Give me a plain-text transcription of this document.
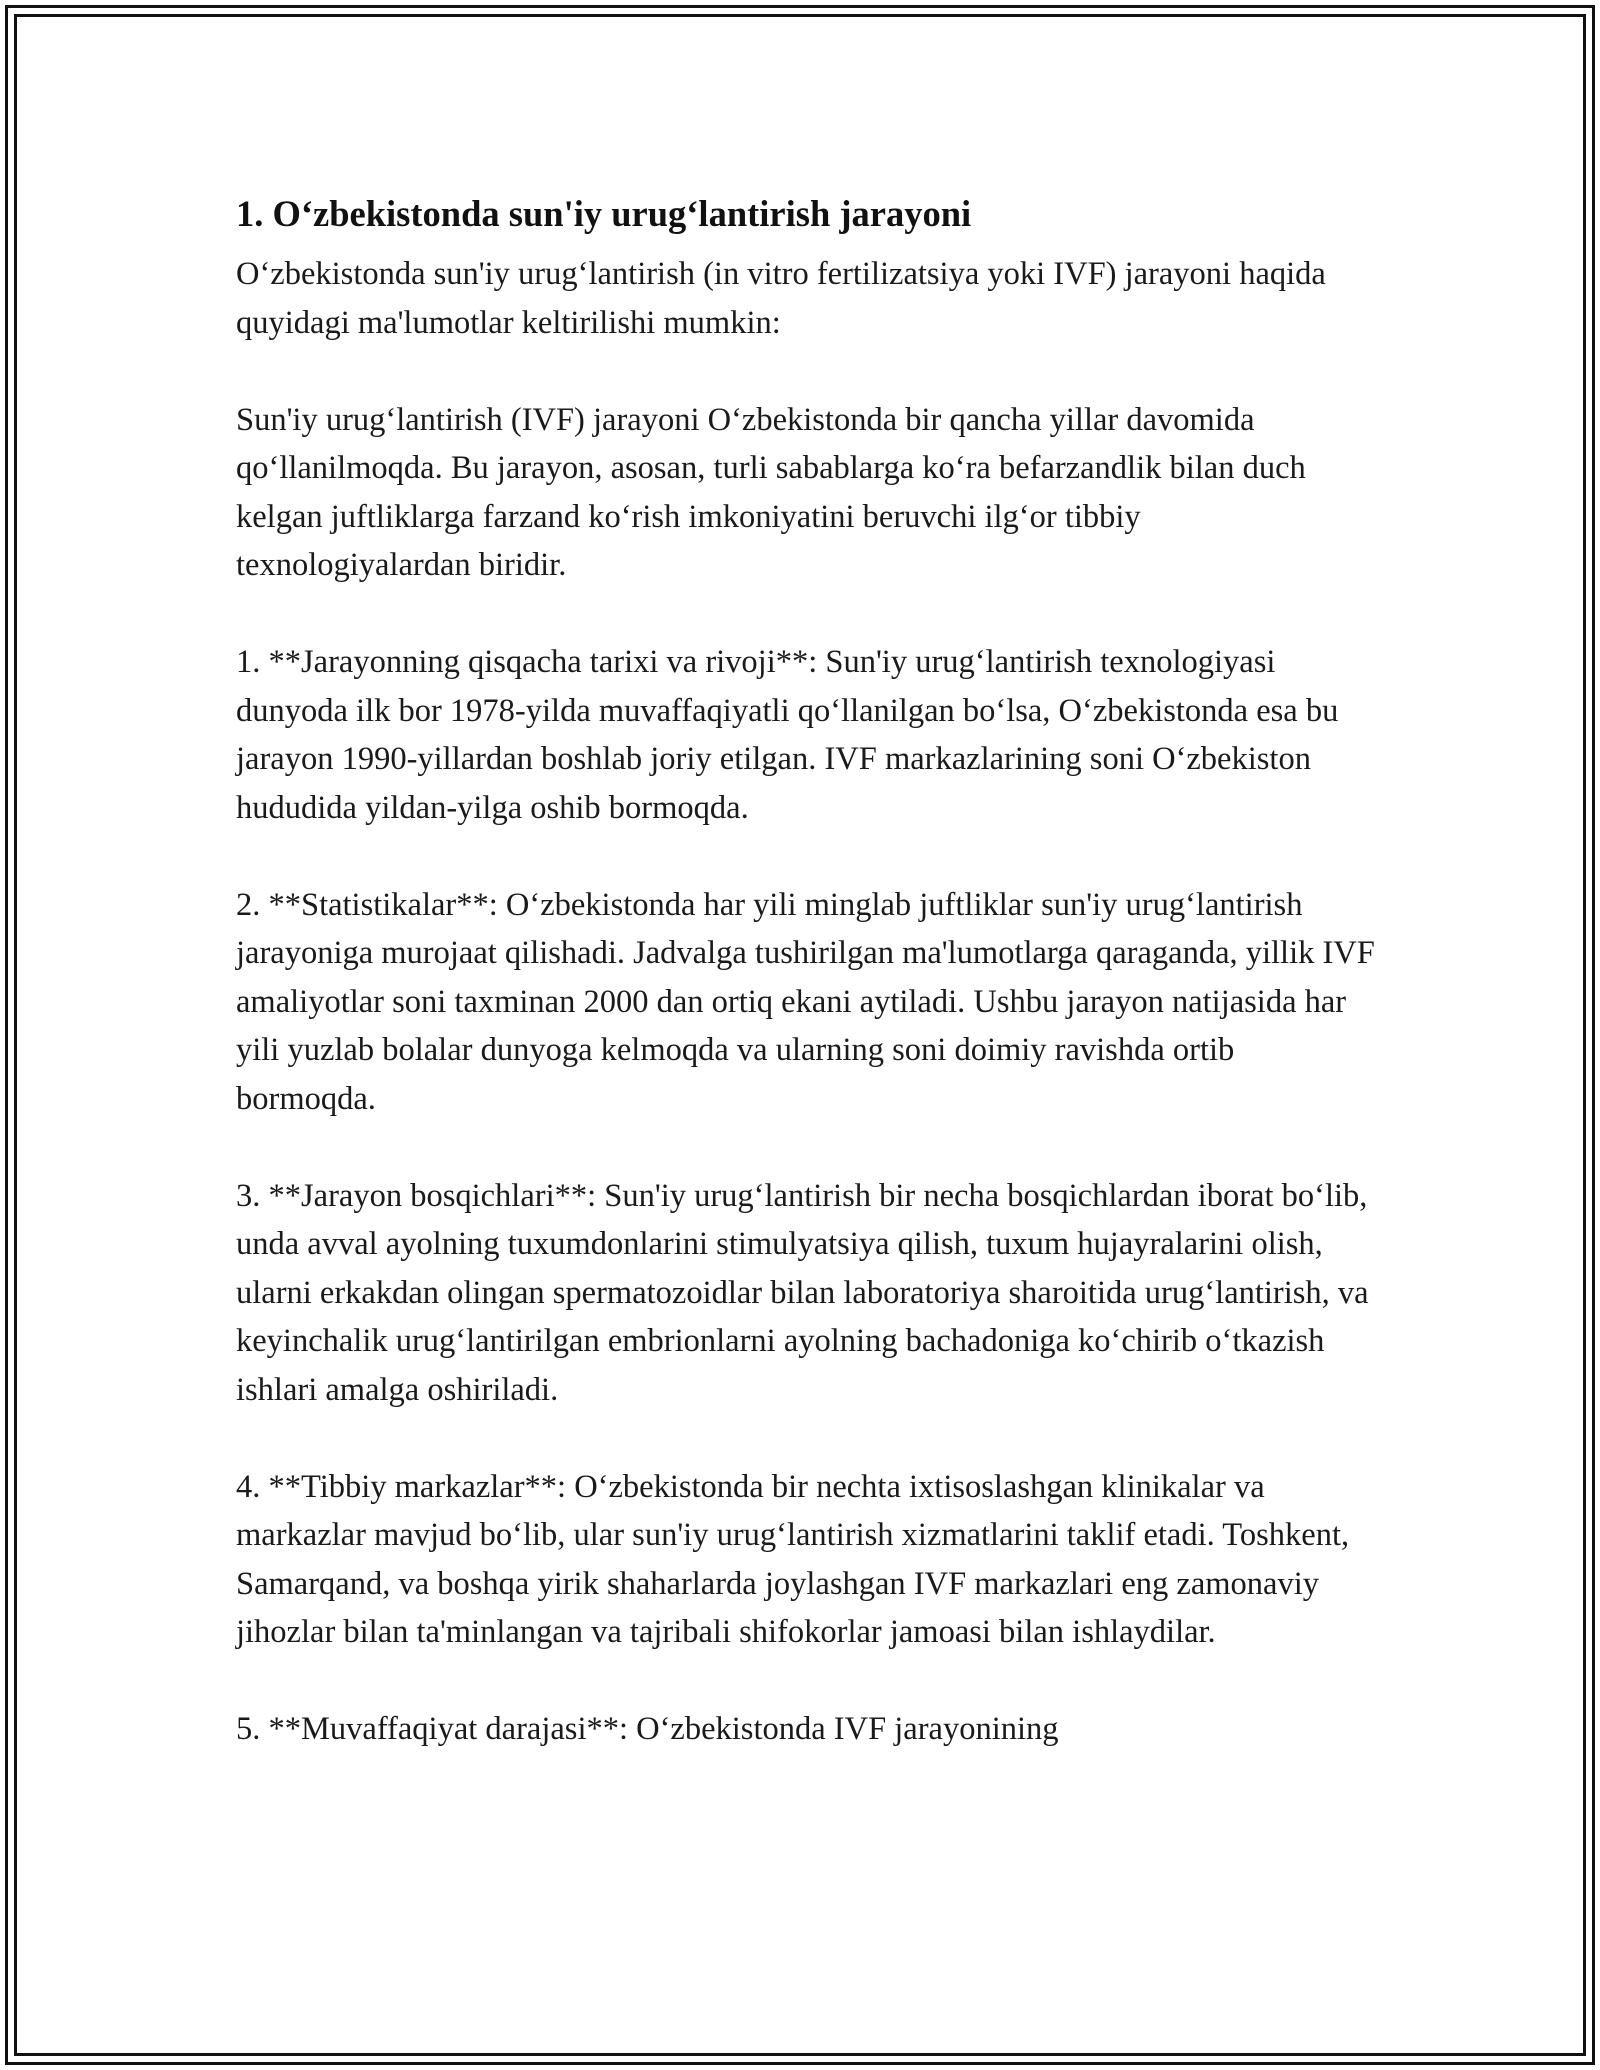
1. O‘zbekistonda sun'iy urug‘lantirish jarayoni

O‘zbekistonda sun'iy urug‘lantirish (in vitro fertilizatsiya yoki IVF) jarayoni haqida quyidagi ma'lumotlar keltirilishi mumkin:

Sun'iy urug‘lantirish (IVF) jarayoni O‘zbekistonda bir qancha yillar davomida qo‘llanilmoqda. Bu jarayon, asosan, turli sabablarga ko‘ra befarzandlik bilan duch kelgan juftliklarga farzand ko‘rish imkoniyatini beruvchi ilg‘or tibbiy texnologiyalardan biridir.

1. **Jarayonning qisqacha tarixi va rivoji**: Sun'iy urug‘lantirish texnologiyasi dunyoda ilk bor 1978-yilda muvaffaqiyatli qo‘llanilgan bo‘lsa, O‘zbekistonda esa bu jarayon 1990-yillardan boshlab joriy etilgan. IVF markazlarining soni O‘zbekiston hududida yildan-yilga oshib bormoqda.

2. **Statistikalar**: O‘zbekistonda har yili minglab juftliklar sun'iy urug‘lantirish jarayoniga murojaat qilishadi. Jadvalga tushirilgan ma'lumotlarga qaraganda, yillik IVF amaliyotlar soni taxminan 2000 dan ortiq ekani aytiladi. Ushbu jarayon natijasida har yili yuzlab bolalar dunyoga kelmoqda va ularning soni doimiy ravishda ortib bormoqda.

3. **Jarayon bosqichlari**: Sun'iy urug‘lantirish bir necha bosqichlardan iborat bo‘lib, unda avval ayolning tuxumdonlarini stimulyatsiya qilish, tuxum hujayralarini olish, ularni erkakdan olingan spermatozoidlar bilan laboratoriya sharoitida urug‘lantirish, va keyinchalik urug‘lantirilgan embrionlarni ayolning bachadoniga ko‘chirib o‘tkazish ishlari amalga oshiriladi.

4. **Tibbiy markazlar**: O‘zbekistonda bir nechta ixtisoslashgan klinikalar va markazlar mavjud bo‘lib, ular sun'iy urug‘lantirish xizmatlarini taklif etadi. Toshkent, Samarqand, va boshqa yirik shaharlarda joylashgan IVF markazlari eng zamonaviy jihozlar bilan ta'minlangan va tajribali shifokorlar jamoasi bilan ishlaydilar.

5. **Muvaffaqiyat darajasi**: O‘zbekistonda IVF jarayonining
